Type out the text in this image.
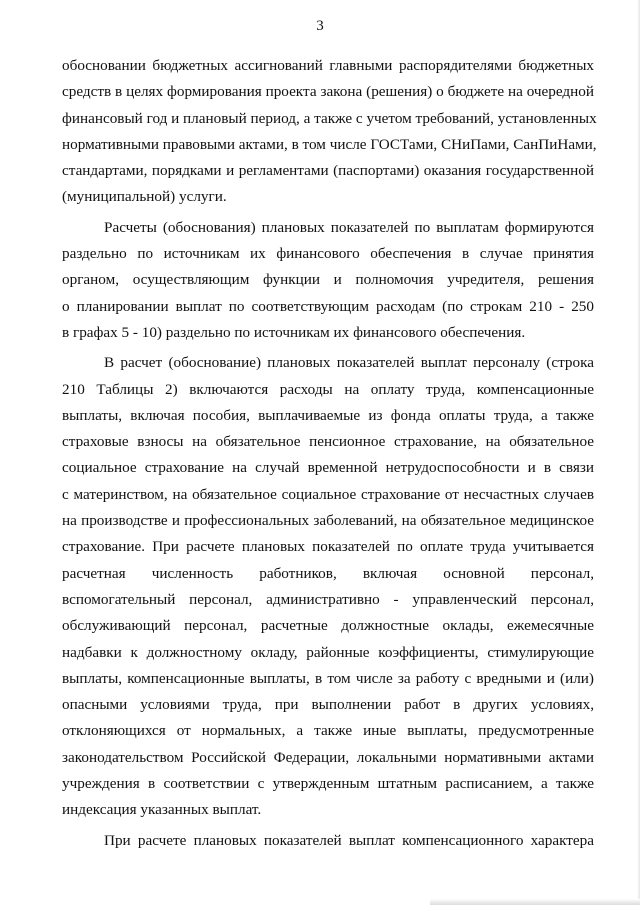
3
обосновании бюджетных ассигнований главными распорядителями бюджетных
средств в целях формирования проекта закона (решения) о бюджете на очередной
финансовый год и плановый период, а также с учетом требований, установленных
нормативными правовыми актами, в том числе ГОСТами, СНиПами, СанПиНами,
стандартами, порядками и регламентами (паспортами) оказания государственной
(муниципальной) услуги.
Расчеты (обоснования) плановых показателей по выплатам формируются
раздельно по источникам их финансового обеспечения в случае принятия
органом, осуществляющим функции и полномочия учредителя, решения
о планировании выплат по соответствующим расходам (по строкам 210 - 250
в графах 5 - 10) раздельно по источникам их финансового обеспечения.
В расчет (обоснование) плановых показателей выплат персоналу (строка
210 Таблицы 2) включаются расходы на оплату труда, компенсационные
выплаты, включая пособия, выплачиваемые из фонда оплаты труда, а также
страховые взносы на обязательное пенсионное страхование, на обязательное
социальное страхование на случай временной нетрудоспособности и в связи
с материнством, на обязательное социальное страхование от несчастных случаев
на производстве и профессиональных заболеваний, на обязательное медицинское
страхование. При расчете плановых показателей по оплате труда учитывается
расчетная численность работников, включая основной персонал,
вспомогательный персонал, административно - управленческий персонал,
обслуживающий персонал, расчетные должностные оклады, ежемесячные
надбавки к должностному окладу, районные коэффициенты, стимулирующие
выплаты, компенсационные выплаты, в том числе за работу с вредными и (или)
опасными условиями труда, при выполнении работ в других условиях,
отклоняющихся от нормальных, а также иные выплаты, предусмотренные
законодательством Российской Федерации, локальными нормативными актами
учреждения в соответствии с утвержденным штатным расписанием, а также
индексация указанных выплат.
При расчете плановых показателей выплат компенсационного характера
